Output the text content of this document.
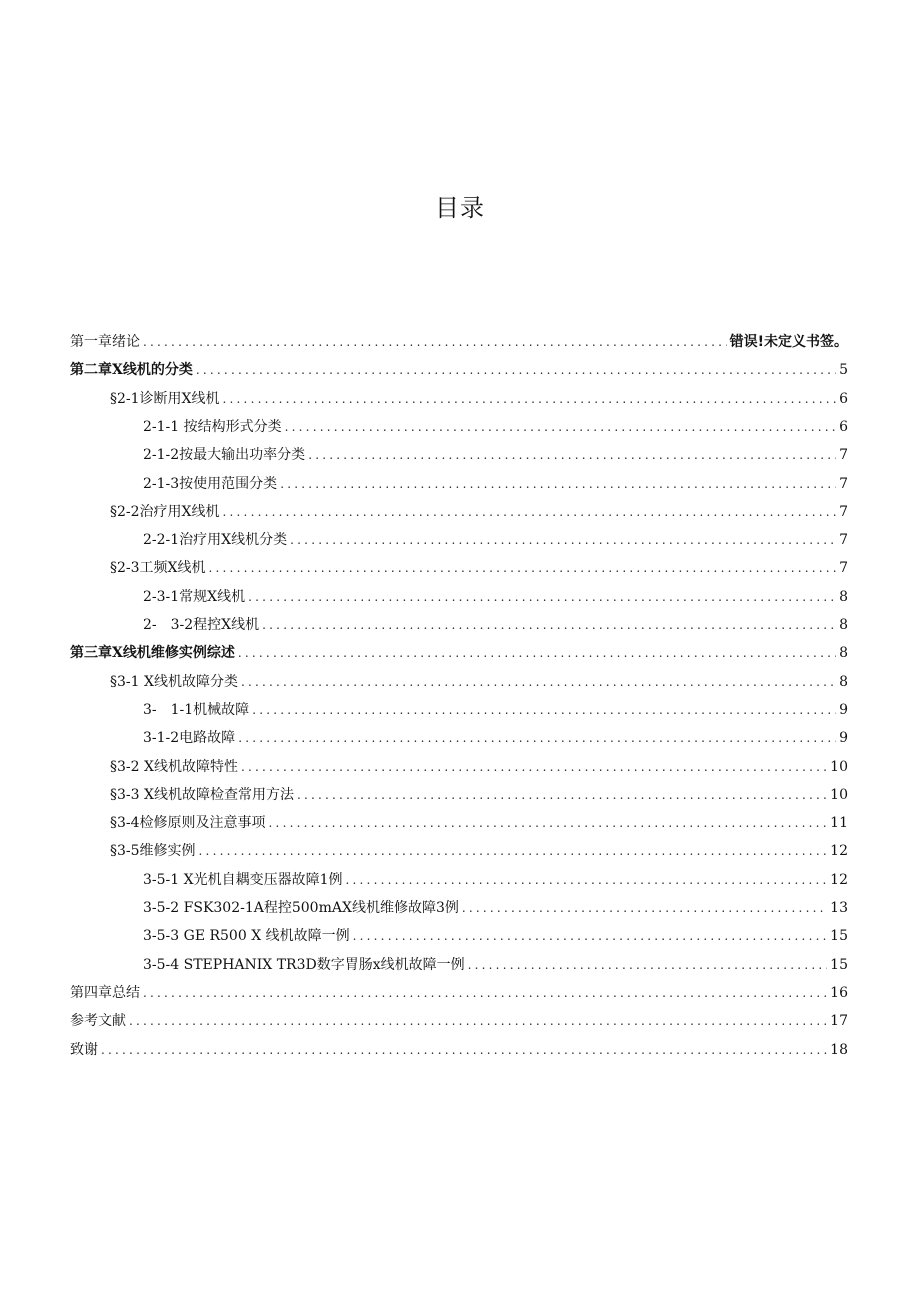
目录
第一章绪论 .....	错误!未定义书签。
第二章X线机的分类 .....	5
§2-1诊断用X线机 .....	6
2-1-1 按结构形式分类 .....	6
2-1-2按最大输出功率分类 .....	7
2-1-3按使用范围分类 .....	7
§2-2治疗用X线机 .....	7
2-2-1治疗用X线机分类 .....	7
§2-3工频X线机 .....	7
2-3-1常规X线机 .....	8
2-　3-2程控X线机 .....	8
第三章X线机维修实例综述 .....	8
§3-1 X线机故障分类 .....	8
3-　1-1机械故障 .....	9
3-1-2电路故障 .....	9
§3-2 X线机故障特性 .....	10
§3-3 X线机故障检查常用方法 .....	10
§3-4检修原则及注意事项 .....	11
§3-5维修实例 .....	12
3-5-1 X光机自耦变压器故障1例 .....	12
3-5-2 FSK302-1A程控500mAX线机维修故障3例 .....	13
3-5-3 GE R500 X 线机故障一例 .....	15
3-5-4 STEPHANIX TR3D数字胃肠x线机故障一例 .....	15
第四章总结 .....	16
参考文献 .....	17
致谢 .....	18
